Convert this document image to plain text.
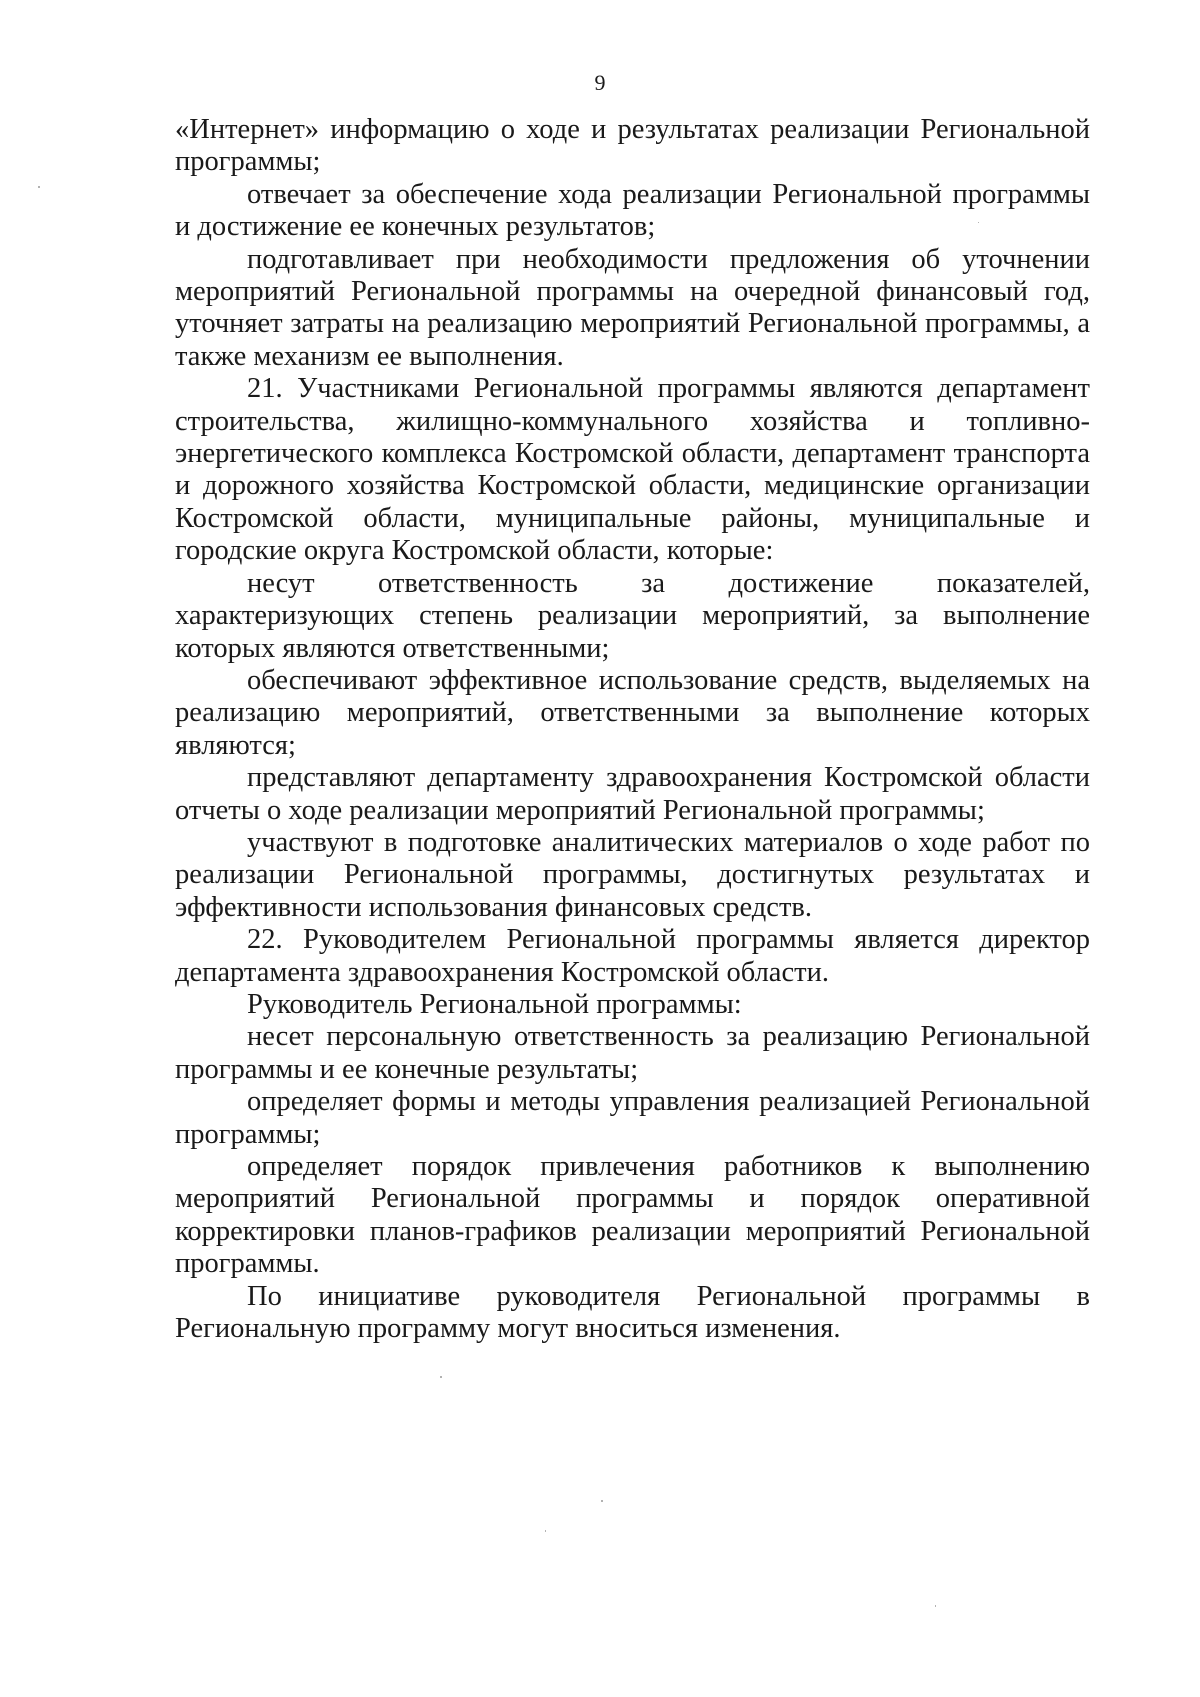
9

«Интернет» информацию о ходе и результатах реализации Региональной программы;

отвечает за обеспечение хода реализации Региональной программы и достижение ее конечных результатов;

подготавливает при необходимости предложения об уточнении мероприятий Региональной программы на очередной финансовый год, уточняет затраты на реализацию мероприятий Региональной программы, а также механизм ее выполнения.

21. Участниками Региональной программы являются департамент строительства, жилищно-коммунального хозяйства и топливно-энергетического комплекса Костромской области, департамент транспорта и дорожного хозяйства Костромской области, медицинские организации Костромской области, муниципальные районы, муниципальные и городские округа Костромской области, которые:

несут ответственность за достижение показателей, характеризующих степень реализации мероприятий, за выполнение которых являются ответственными;

обеспечивают эффективное использование средств, выделяемых на реализацию мероприятий, ответственными за выполнение которых являются;

представляют департаменту здравоохранения Костромской области отчеты о ходе реализации мероприятий Региональной программы;

участвуют в подготовке аналитических материалов о ходе работ по реализации Региональной программы, достигнутых результатах и эффективности использования финансовых средств.

22. Руководителем Региональной программы является директор департамента здравоохранения Костромской области.

Руководитель Региональной программы:

несет персональную ответственность за реализацию Региональной программы и ее конечные результаты;

определяет формы и методы управления реализацией Региональной программы;

определяет порядок привлечения работников к выполнению мероприятий Региональной программы и порядок оперативной корректировки планов-графиков реализации мероприятий Региональной программы.

По инициативе руководителя Региональной программы в Региональную программу могут вноситься изменения.
